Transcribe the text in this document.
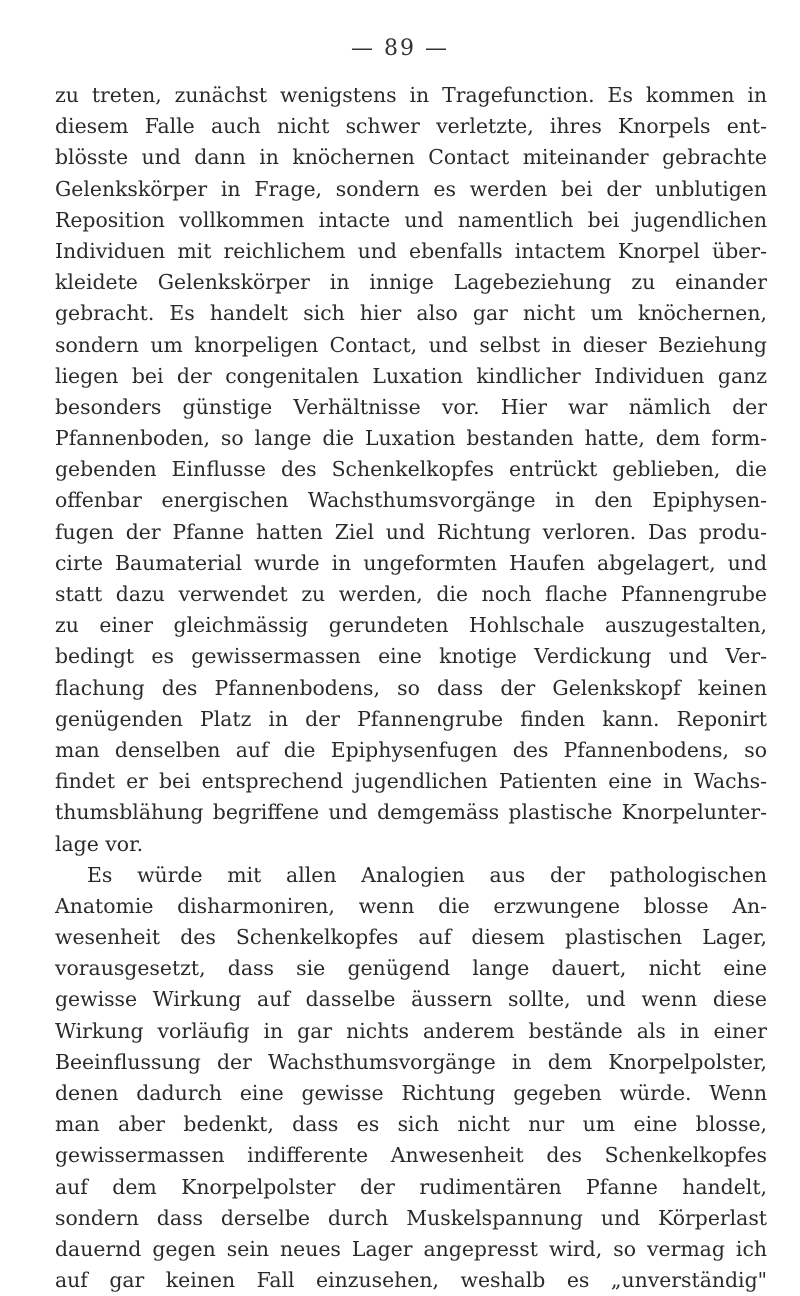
— 89 —
zu treten, zunächst wenigstens in Tragefunction. Es kommen in
diesem Falle auch nicht schwer verletzte, ihres Knorpels ent-
blösste und dann in knöchernen Contact miteinander gebrachte
Gelenkskörper in Frage, sondern es werden bei der unblutigen
Reposition vollkommen intacte und namentlich bei jugendlichen
Individuen mit reichlichem und ebenfalls intactem Knorpel über-
kleidete Gelenkskörper in innige Lagebeziehung zu einander
gebracht. Es handelt sich hier also gar nicht um knöchernen,
sondern um knorpeligen Contact, und selbst in dieser Beziehung
liegen bei der congenitalen Luxation kindlicher Individuen ganz
besonders günstige Verhältnisse vor. Hier war nämlich der
Pfannenboden, so lange die Luxation bestanden hatte, dem form-
gebenden Einflusse des Schenkelkopfes entrückt geblieben, die
offenbar energischen Wachsthumsvorgänge in den Epiphysen-
fugen der Pfanne hatten Ziel und Richtung verloren. Das produ-
cirte Baumaterial wurde in ungeformten Haufen abgelagert, und
statt dazu verwendet zu werden, die noch flache Pfannengrube
zu einer gleichmässig gerundeten Hohlschale auszugestalten,
bedingt es gewissermassen eine knotige Verdickung und Ver-
flachung des Pfannenbodens, so dass der Gelenkskopf keinen
genügenden Platz in der Pfannengrube finden kann. Reponirt
man denselben auf die Epiphysenfugen des Pfannenbodens, so
findet er bei entsprechend jugendlichen Patienten eine in Wachs-
thumsblähung begriffene und demgemäss plastische Knorpelunter-
lage vor.
Es würde mit allen Analogien aus der pathologischen
Anatomie disharmoniren, wenn die erzwungene blosse An-
wesenheit des Schenkelkopfes auf diesem plastischen Lager,
vorausgesetzt, dass sie genügend lange dauert, nicht eine
gewisse Wirkung auf dasselbe äussern sollte, und wenn diese
Wirkung vorläufig in gar nichts anderem bestände als in einer
Beeinflussung der Wachsthumsvorgänge in dem Knorpelpolster,
denen dadurch eine gewisse Richtung gegeben würde. Wenn
man aber bedenkt, dass es sich nicht nur um eine blosse,
gewissermassen indifferente Anwesenheit des Schenkelkopfes
auf dem Knorpelpolster der rudimentären Pfanne handelt,
sondern dass derselbe durch Muskelspannung und Körperlast
dauernd gegen sein neues Lager angepresst wird, so vermag ich
auf gar keinen Fall einzusehen, weshalb es „unverständig"
